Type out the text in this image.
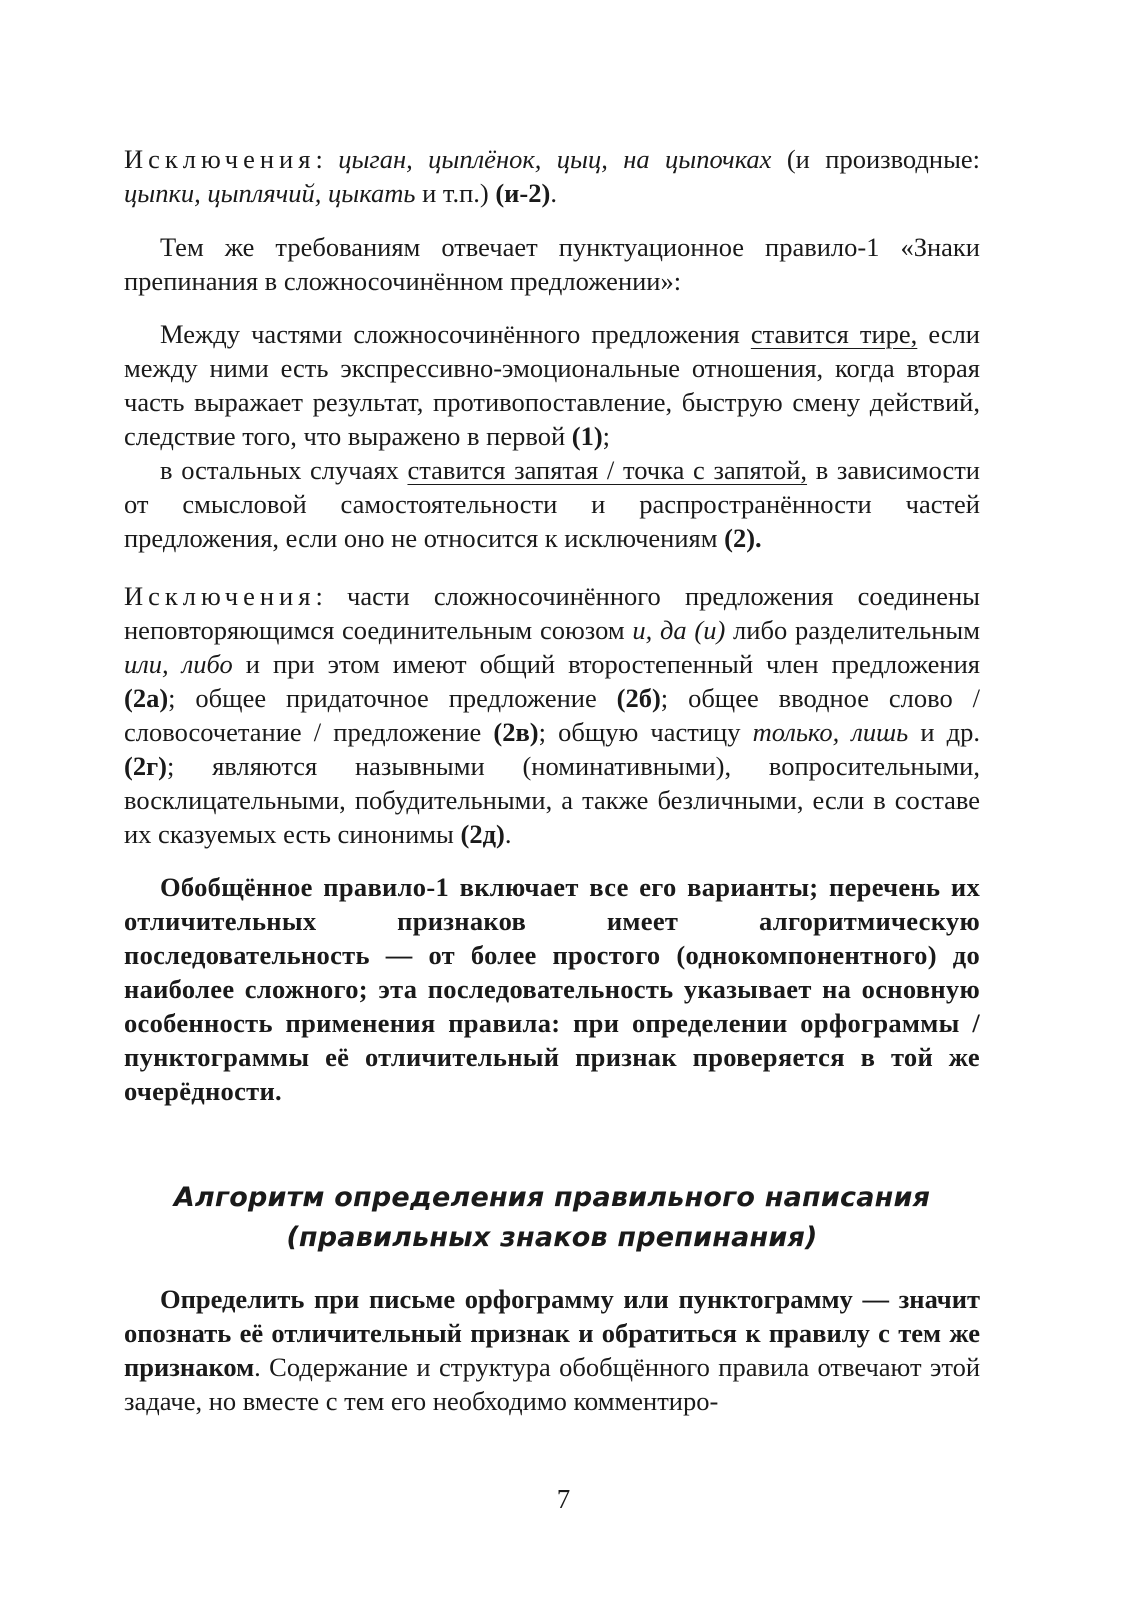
Исключения: цыган, цыплёнок, цыц, на цыпочках (и производные: цыпки, цыплячий, цыкать и т.п.) (и-2).

Тем же требованиям отвечает пунктуационное правило-1 «Знаки препинания в сложносочинённом предложении»:

Между частями сложносочинённого предложения ставится тире, если между ними есть экспрессивно-эмоциональные отношения, когда вторая часть выражает результат, противопоставление, быструю смену действий, следствие того, что выражено в первой (1);

в остальных случаях ставится запятая / точка с запятой, в зависимости от смысловой самостоятельности и распространённости частей предложения, если оно не относится к исключениям (2).

Исключения: части сложносочинённого предложения соединены неповторяющимся соединительным союзом и, да (и) либо разделительным или, либо и при этом имеют общий второстепенный член предложения (2а); общее придаточное предложение (2б); общее вводное слово / словосочетание / предложение (2в); общую частицу только, лишь и др. (2г); являются назывными (номинативными), вопросительными, восклицательными, побудительными, а также безличными, если в составе их сказуемых есть синонимы (2д).

Обобщённое правило-1 включает все его варианты; перечень их отличительных признаков имеет алгоритмическую последовательность — от более простого (однокомпонентного) до наиболее сложного; эта последовательность указывает на основную особенность применения правила: при определении орфограммы / пунктограммы её отличительный признак проверяется в той же очерёдности.

Алгоритм определения правильного написания
(правильных знаков препинания)

Определить при письме орфограмму или пунктограмму — значит опознать её отличительный признак и обратиться к правилу с тем же признаком. Содержание и структура обобщённого правила отвечают этой задаче, но вместе с тем его необходимо комментиро-

7
